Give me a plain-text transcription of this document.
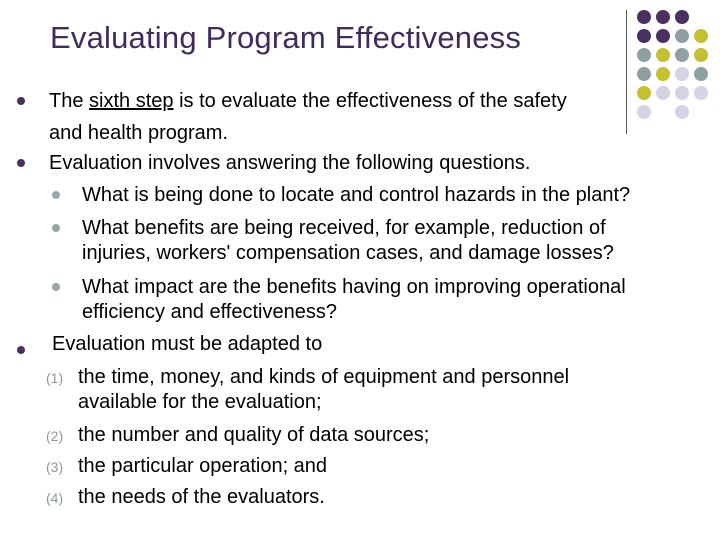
Evaluating Program Effectiveness
The sixth step is to evaluate the effectiveness of the safety
and health program.
Evaluation involves answering the following questions.
What is being done to locate and control hazards in the plant?
What benefits are being received, for example, reduction of
injuries, workers' compensation cases, and damage losses?
What impact are the benefits having on improving operational
efficiency and effectiveness?
Evaluation must be adapted to
(1) the time, money, and kinds of equipment and personnel
available for the evaluation;
(2) the number and quality of data sources;
(3) the particular operation; and
(4) the needs of the evaluators.
